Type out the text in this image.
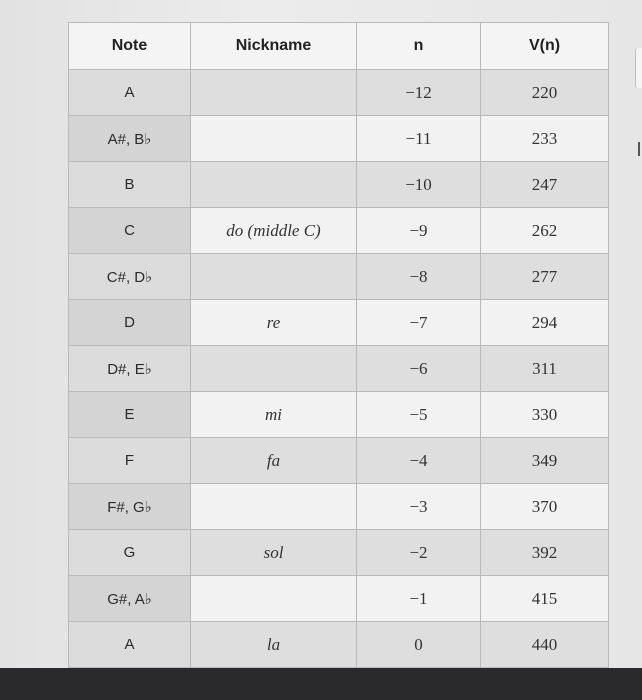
Note	Nickname	n	V(n)
A		−12	220
A#, B♭		−11	233
B		−10	247
C	do (middle C)	−9	262
C#, D♭		−8	277
D	re	−7	294
D#, E♭		−6	311
E	mi	−5	330
F	fa	−4	349
F#, G♭		−3	370
G	sol	−2	392
G#, A♭		−1	415
A	la	0	440
